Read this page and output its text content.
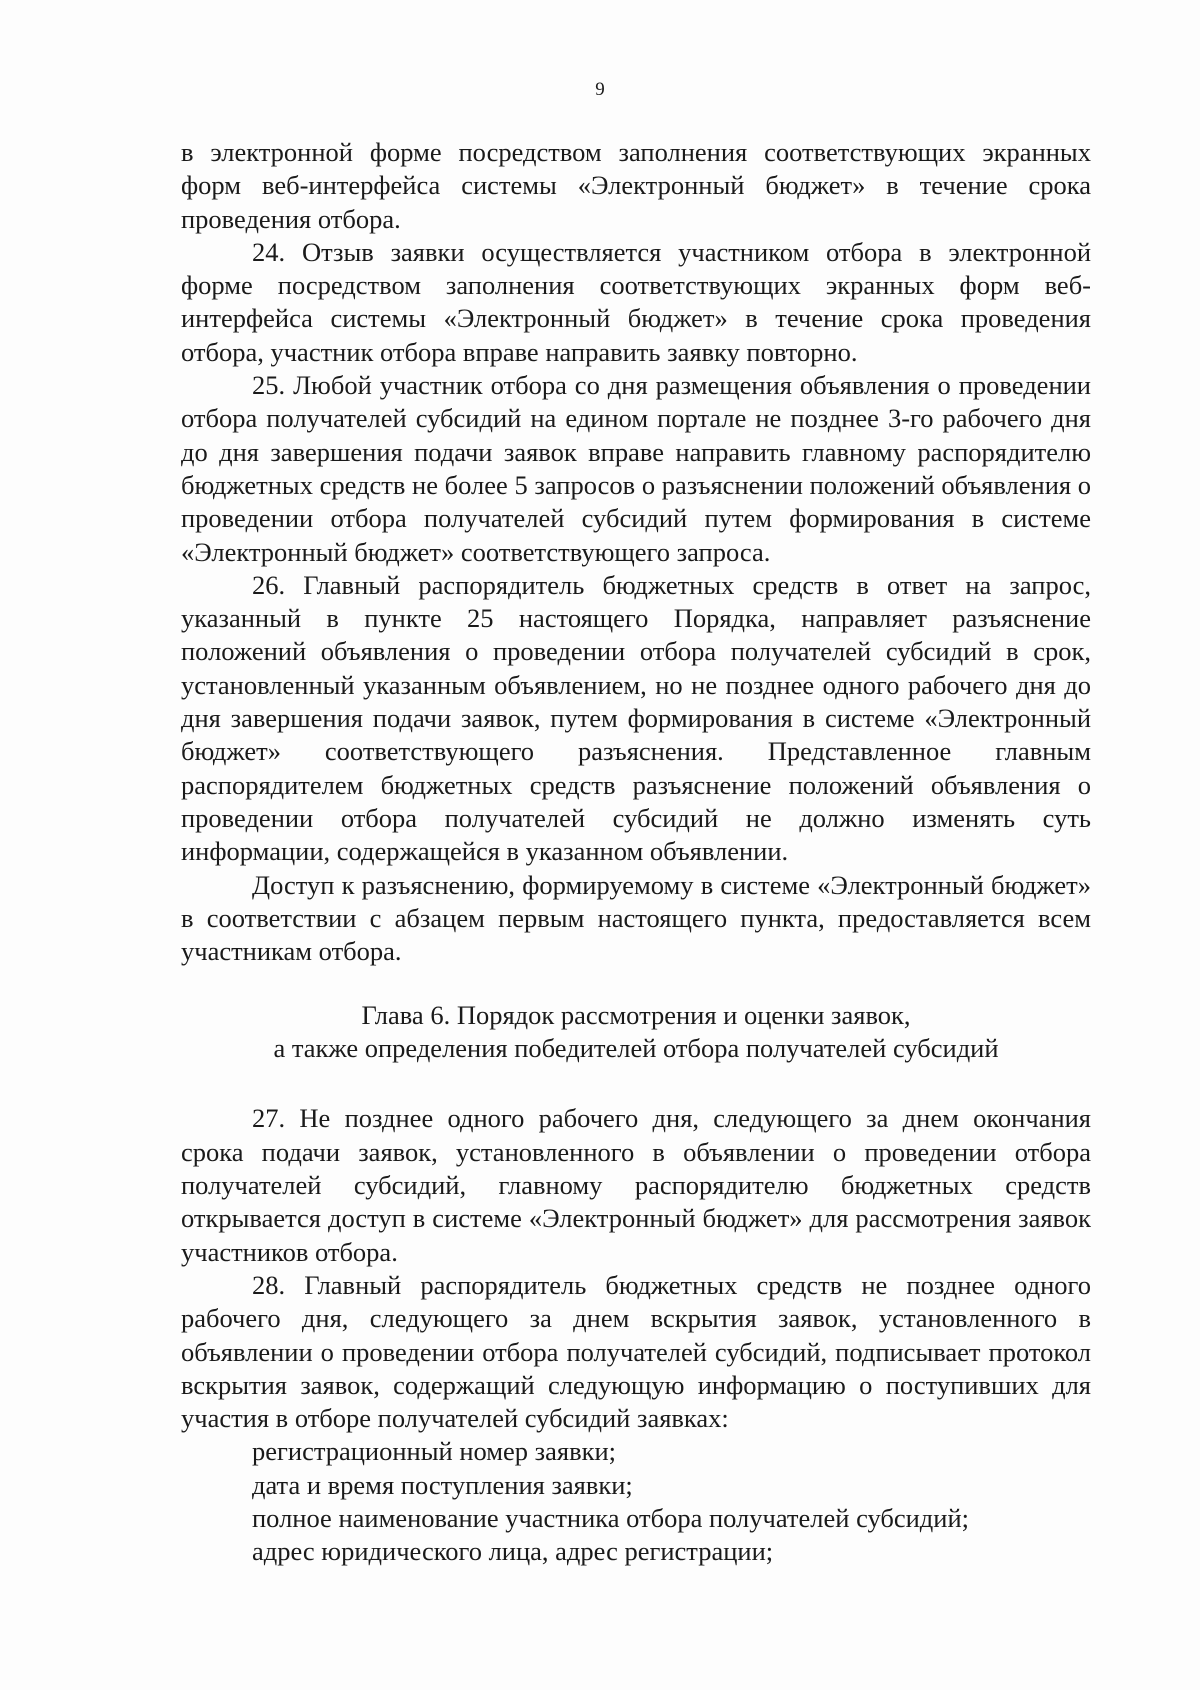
9

в электронной форме посредством заполнения соответствующих экранных форм веб-интерфейса системы «Электронный бюджет» в течение срока проведения отбора.

24. Отзыв заявки осуществляется участником отбора в электронной форме посредством заполнения соответствующих экранных форм веб-интерфейса системы «Электронный бюджет» в течение срока проведения отбора, участник отбора вправе направить заявку повторно.

25. Любой участник отбора со дня размещения объявления о проведении отбора получателей субсидий на едином портале не позднее 3-го рабочего дня до дня завершения подачи заявок вправе направить главному распорядителю бюджетных средств не более 5 запросов о разъяснении положений объявления о проведении отбора получателей субсидий путем формирования в системе «Электронный бюджет» соответствующего запроса.

26. Главный распорядитель бюджетных средств в ответ на запрос, указанный в пункте 25 настоящего Порядка, направляет разъяснение положений объявления о проведении отбора получателей субсидий в срок, установленный указанным объявлением, но не позднее одного рабочего дня до дня завершения подачи заявок, путем формирования в системе «Электронный бюджет» соответствующего разъяснения. Представленное главным распорядителем бюджетных средств разъяснение положений объявления о проведении отбора получателей субсидий не должно изменять суть информации, содержащейся в указанном объявлении.

Доступ к разъяснению, формируемому в системе «Электронный бюджет» в соответствии с абзацем первым настоящего пункта, предоставляется всем участникам отбора.

Глава 6. Порядок рассмотрения и оценки заявок,
а также определения победителей отбора получателей субсидий

27. Не позднее одного рабочего дня, следующего за днем окончания срока подачи заявок, установленного в объявлении о проведении отбора получателей субсидий, главному распорядителю бюджетных средств открывается доступ в системе «Электронный бюджет» для рассмотрения заявок участников отбора.

28. Главный распорядитель бюджетных средств не позднее одного рабочего дня, следующего за днем вскрытия заявок, установленного в объявлении о проведении отбора получателей субсидий, подписывает протокол вскрытия заявок, содержащий следующую информацию о поступивших для участия в отборе получателей субсидий заявках:

регистрационный номер заявки;

дата и время поступления заявки;

полное наименование участника отбора получателей субсидий;

адрес юридического лица, адрес регистрации;
